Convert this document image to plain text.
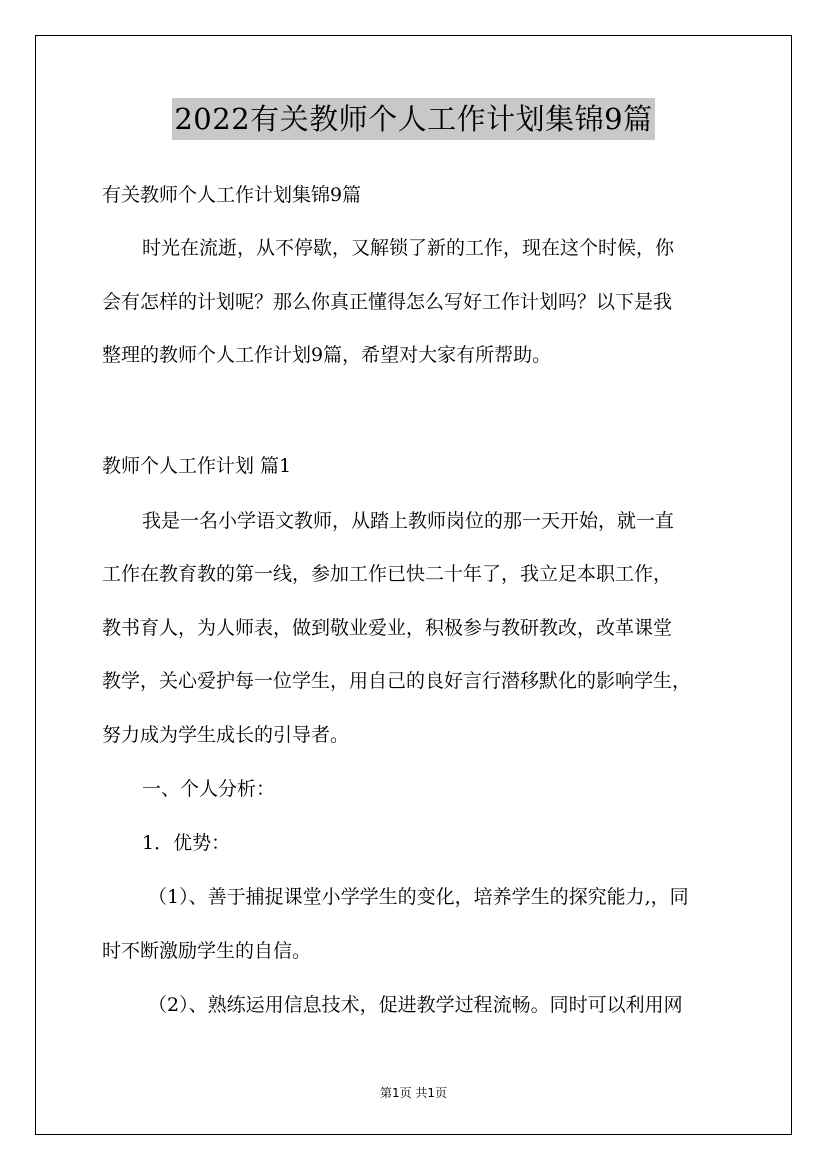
2022有关教师个人工作计划集锦9篇
有关教师个人工作计划集锦9篇
时光在流逝，从不停歇，又解锁了新的工作，现在这个时候，你
会有怎样的计划呢？那么你真正懂得怎么写好工作计划吗？以下是我
整理的教师个人工作计划9篇，希望对大家有所帮助。
教师个人工作计划 篇1
我是一名小学语文教师，从踏上教师岗位的那一天开始，就一直
工作在教育教的第一线，参加工作已快二十年了，我立足本职工作，
教书育人，为人师表，做到敬业爱业，积极参与教研教改，改革课堂
教学，关心爱护每一位学生，用自己的良好言行潜移默化的影响学生，
努力成为学生成长的引导者。
一、个人分析：
1．优势：
（1）、善于捕捉课堂小学学生的变化，培养学生的探究能力,，同
时不断激励学生的自信。
（2）、熟练运用信息技术，促进教学过程流畅。同时可以利用网
第1页 共1页
